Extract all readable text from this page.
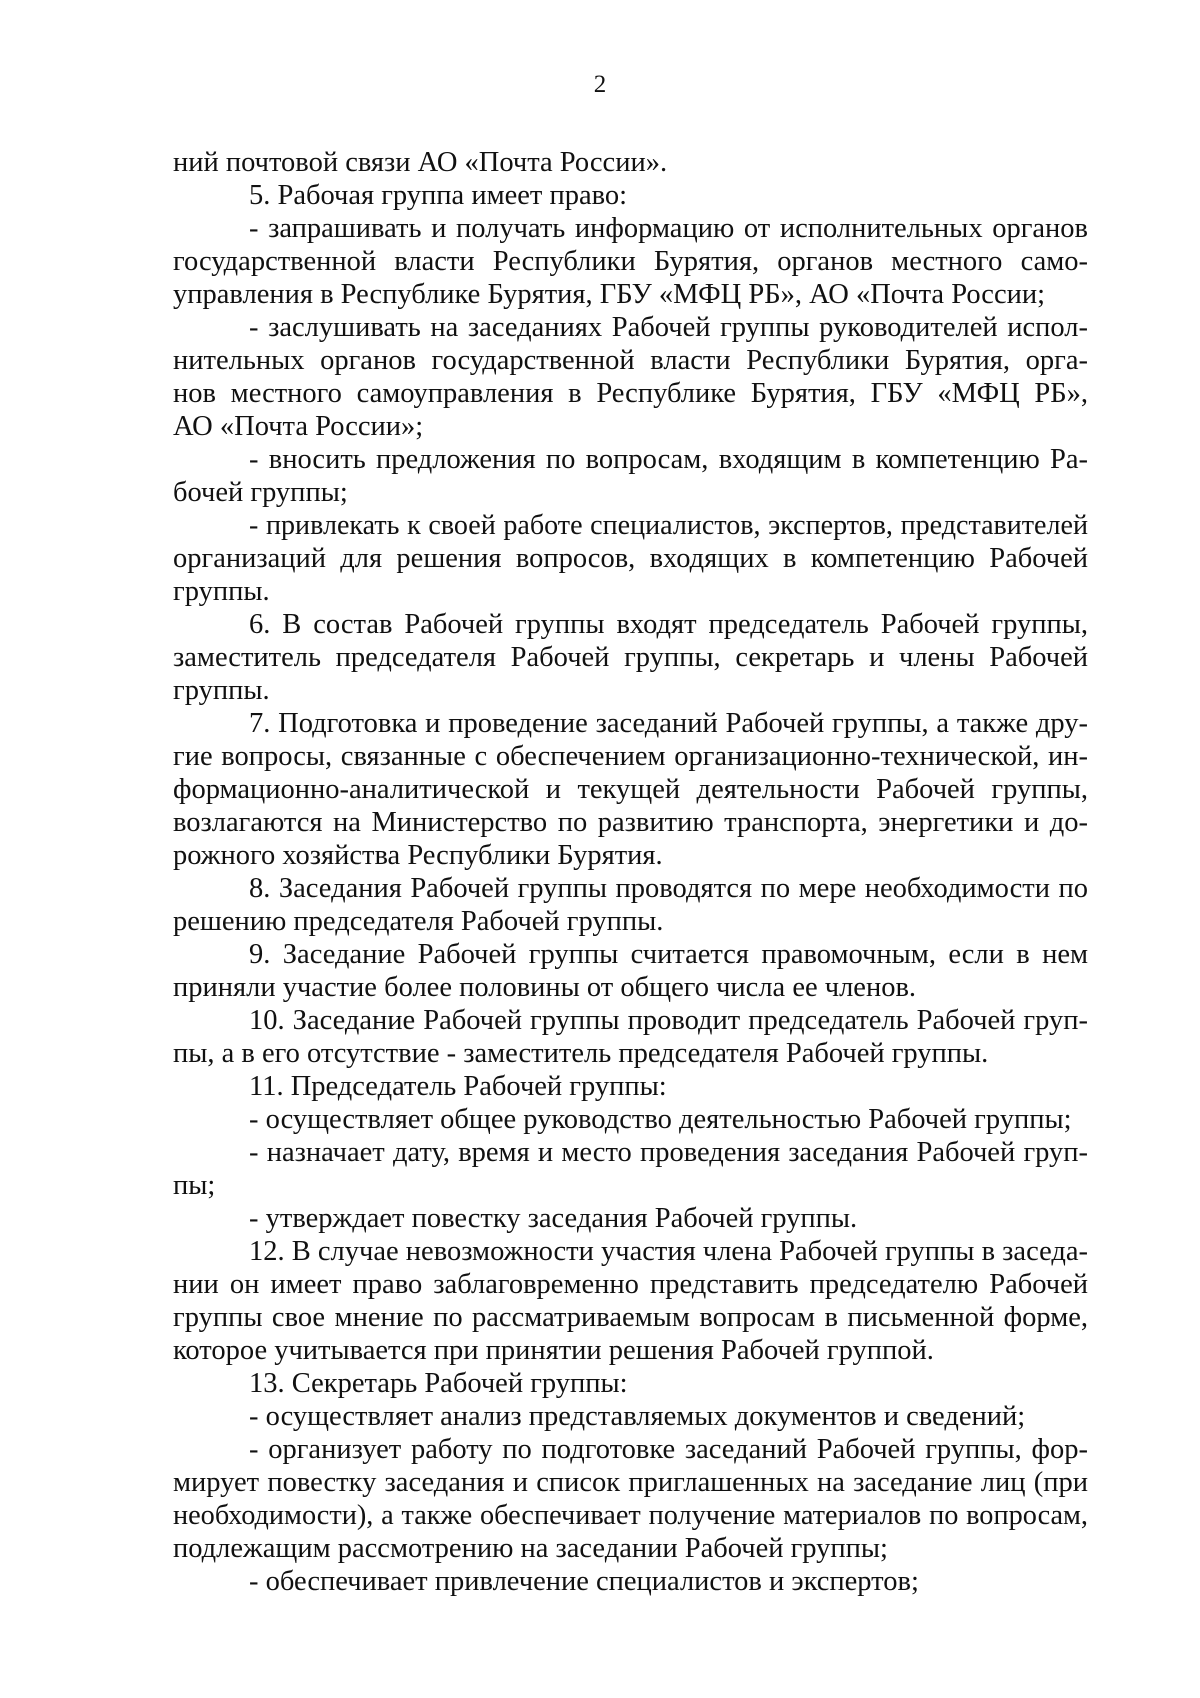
2
ний почтовой связи АО «Почта России».
5. Рабочая группа имеет право:
- запрашивать и получать информацию от исполнительных органов
государственной власти Республики Бурятия, органов местного само-
управления в Республике Бурятия, ГБУ «МФЦ РБ», АО «Почта России;
- заслушивать на заседаниях Рабочей группы руководителей испол-
нительных органов государственной власти Республики Бурятия, орга-
нов местного самоуправления в Республике Бурятия, ГБУ «МФЦ РБ»,
АО «Почта России»;
- вносить предложения по вопросам, входящим в компетенцию Ра-
бочей группы;
- привлекать к своей работе специалистов, экспертов, представителей
организаций для решения вопросов, входящих в компетенцию Рабочей
группы.
6. В состав Рабочей группы входят председатель Рабочей группы,
заместитель председателя Рабочей группы, секретарь и члены Рабочей
группы.
7. Подготовка и проведение заседаний Рабочей группы, а также дру-
гие вопросы, связанные с обеспечением организационно-технической, ин-
формационно-аналитической и текущей деятельности Рабочей группы,
возлагаются на Министерство по развитию транспорта, энергетики и до-
рожного хозяйства Республики Бурятия.
8. Заседания Рабочей группы проводятся по мере необходимости по
решению председателя Рабочей группы.
9. Заседание Рабочей группы считается правомочным, если в нем
приняли участие более половины от общего числа ее членов.
10. Заседание Рабочей группы проводит председатель Рабочей груп-
пы, а в его отсутствие - заместитель председателя Рабочей группы.
11. Председатель Рабочей группы:
- осуществляет общее руководство деятельностью Рабочей группы;
- назначает дату, время и место проведения заседания Рабочей груп-
пы;
- утверждает повестку заседания Рабочей группы.
12. В случае невозможности участия члена Рабочей группы в заседа-
нии он имеет право заблаговременно представить председателю Рабочей
группы свое мнение по рассматриваемым вопросам в письменной форме,
которое учитывается при принятии решения Рабочей группой.
13. Секретарь Рабочей группы:
- осуществляет анализ представляемых документов и сведений;
- организует работу по подготовке заседаний Рабочей группы, фор-
мирует повестку заседания и список приглашенных на заседание лиц (при
необходимости), а также обеспечивает получение материалов по вопросам,
подлежащим рассмотрению на заседании Рабочей группы;
- обеспечивает привлечение специалистов и экспертов;
